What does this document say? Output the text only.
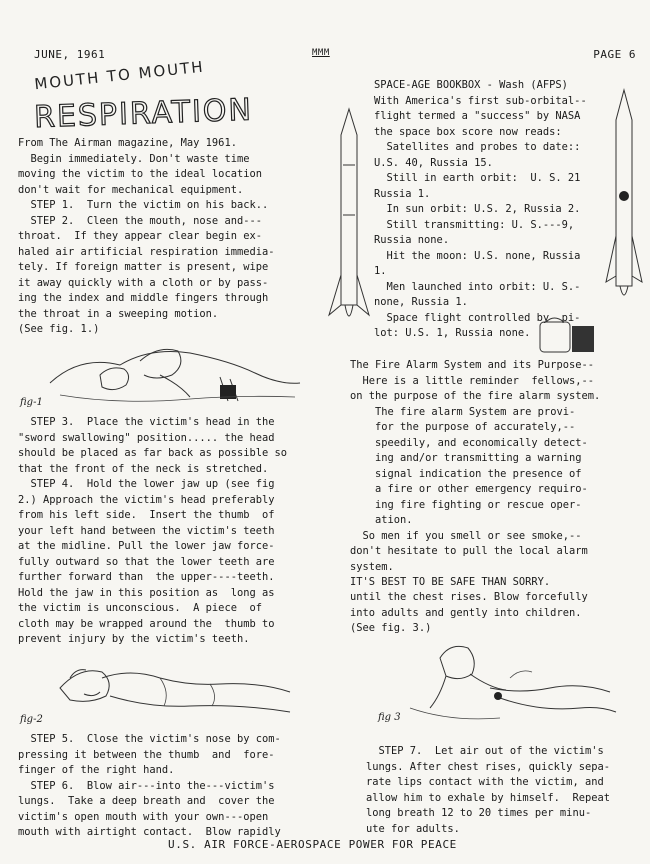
JUNE, 1961	MMM	PAGE 6
MOUTH TO MOUTH
RESPIRATION

From The Airman magazine, May 1961.

Begin immediately. Don't waste time

moving the victim to the ideal location

don't wait for mechanical equipment.

STEP 1.  Turn the victim on his back..

STEP 2.  Cleen the mouth, nose and---

throat.  If they appear clear begin ex-

haled air artificial respiration immedia-

tely. If foreign matter is present, wipe

it away quickly with a cloth or by pass-

ing the index and middle fingers through

the throat in a sweeping motion.

(See fig. 1.)

fig-1

STEP 3.  Place the victim's head in the

"sword swallowing" position..... the head

should be placed as far back as possible so

that the front of the neck is stretched.

STEP 4.  Hold the lower jaw up (see fig

2.) Approach the victim's head preferably

from his left side.  Insert the thumb  of

your left hand between the victim's teeth

at the midline. Pull the lower jaw force-

fully outward so that the lower teeth are

further forward than  the upper----teeth.

Hold the jaw in this position as  long as

the victim is unconscious.  A piece  of

cloth may be wrapped around the  thumb to

prevent injury by the victim's teeth.

fig-2

STEP 5.  Close the victim's nose by com-

pressing it between the thumb  and  fore-

finger of the right hand.

STEP 6.  Blow air---into the---victim's

lungs.  Take a deep breath and  cover the

victim's open mouth with your own---open

mouth with airtight contact.  Blow rapidly

SPACE-AGE BOOKBOX - Wash (AFPS)

With America's first sub-orbital--

flight termed a "success" by NASA

the space box score now reads:

Satellites and probes to date::

U.S. 40, Russia 15.

Still in earth orbit:  U. S. 21

Russia 1.

In sun orbit: U.S. 2, Russia 2.

Still transmitting: U. S.---9,

Russia none.

Hit the moon: U.S. none, Russia

1.

Men launched into orbit: U. S.-

none, Russia 1.

Space flight controlled by  pi-

lot: U.S. 1, Russia none.

The Fire Alarm System and its Purpose--

Here is a little reminder  fellows,--

on the purpose of the fire alarm system.

The fire alarm System are provi-

for the purpose of accurately,--

speedily, and economically detect-

ing and/or transmitting a warning

signal indication the presence of

a fire or other emergency requiro-

ing fire fighting or rescue oper-

ation.

So men if you smell or see smoke,--

don't hesitate to pull the local alarm

system.

IT'S BEST TO BE SAFE THAN SORRY.

until the chest rises. Blow forcefully

into adults and gently into children.

(See fig. 3.)

fig 3

STEP 7.  Let air out of the victim's

lungs. After chest rises, quickly sepa-

rate lips contact with the victim, and

allow him to exhale by himself.  Repeat

long breath 12 to 20 times per minu-

ute for adults.

U.S. AIR FORCE-AEROSPACE POWER FOR PEACE
